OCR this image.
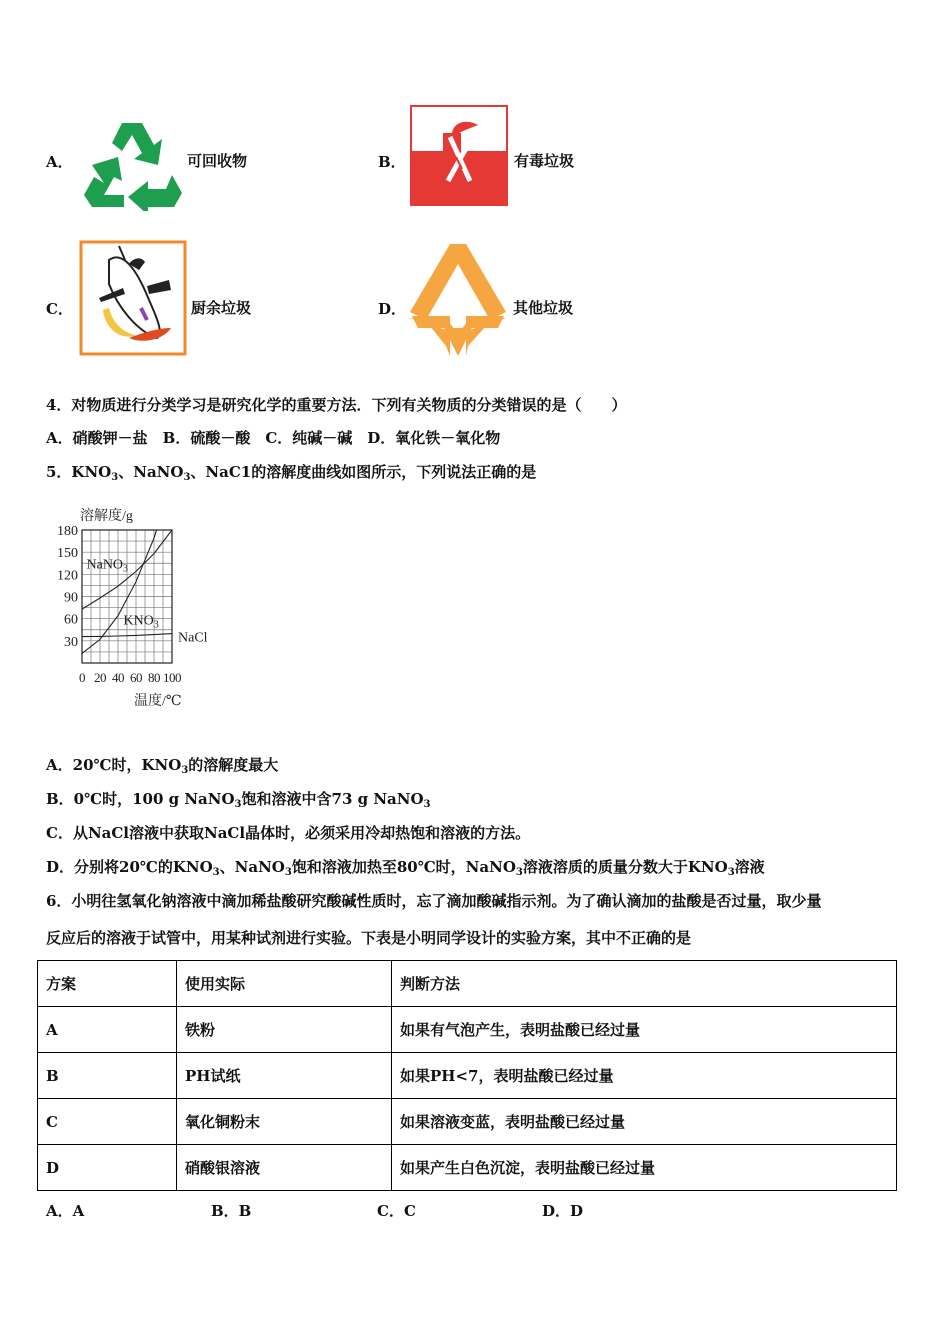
A．	可回收物	B．	有毒垃圾
C．	厨余垃圾	D．	其他垃圾
4．对物质进行分类学习是研究化学的重要方法．下列有关物质的分类错误的是（　　）
A．硝酸钾－盐　B．硫酸－酸　C．纯碱－碱　D．氧化铁－氧化物
5．$KNO_3$、NaNO$_3$、NaC1的溶解度曲线如图所示，下列说法正确的是
30
60
90
120
150
180
0 20 40 60 80 100
NaNO$_3$
$KNO_3$
NaCl
溶解度/g
温度/℃
A．20℃时，$KNO_3$的溶解度最大
B．0℃时，100 g NaNO$_3$饱和溶液中含73 g NaNO$_3$
C．从NaCl溶液中获取NaCl晶体时，必须采用冷却热饱和溶液的方法。
D．分别将20℃的$KNO_3$、NaNO$_3$饱和溶液加热至80℃时，NaNO$_3$溶液溶质的质量分数大于$KNO_3$溶液
6．小明往氢氧化钠溶液中滴加稀盐酸研究酸碱性质时，忘了滴加酸碱指示剂。为了确认滴加的盐酸是否过量，取少量
反应后的溶液于试管中，用某种试剂进行实验。下表是小明同学设计的实验方案，其中不正确的是
方案	使用实际	判断方法
A	铁粉	如果有气泡产生，表明盐酸已经过量
B	PH试纸	如果PH<7，表明盐酸已经过量
C	氧化铜粉末	如果溶液变蓝，表明盐酸已经过量
D	硝酸银溶液	如果产生白色沉淀，表明盐酸已经过量
A．A	B．B	C．C	D．D
